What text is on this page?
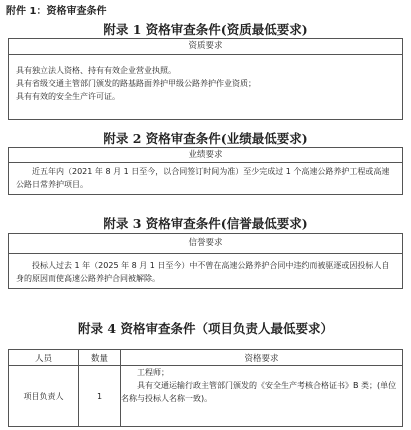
附件 1：资格审查条件
附录 1 资格审查条件(资质最低要求)
资质要求

具有独立法人资格、持有有效企业营业执照。

具有省级交通主管部门颁发的路基路面养护甲级公路养护作业资质；

具有有效的安全生产许可证。

附录 2 资格审查条件(业绩最低要求)
业绩要求

近五年内（2021 年 8 月 1 日至今，以合同签订时间为准）至少完成过 1 个高速公路养护工程或高速公路日常养护项目。

附录 3 资格审查条件(信誉最低要求)
信誉要求

投标人过去 1 年（2025 年 8 月 1 日至今）中不曾在高速公路养护合同中违约而被驱逐或因投标人自身的原因而使高速公路养护合同被解除。

附录 4 资格审查条件（项目负责人最低要求）
人员	数量	资格要求
项目负责人	1	工程师；
具有交通运输行政主管部门颁发的《安全生产考核合格证书》B 类；(单位名称与投标人名称一致)。
